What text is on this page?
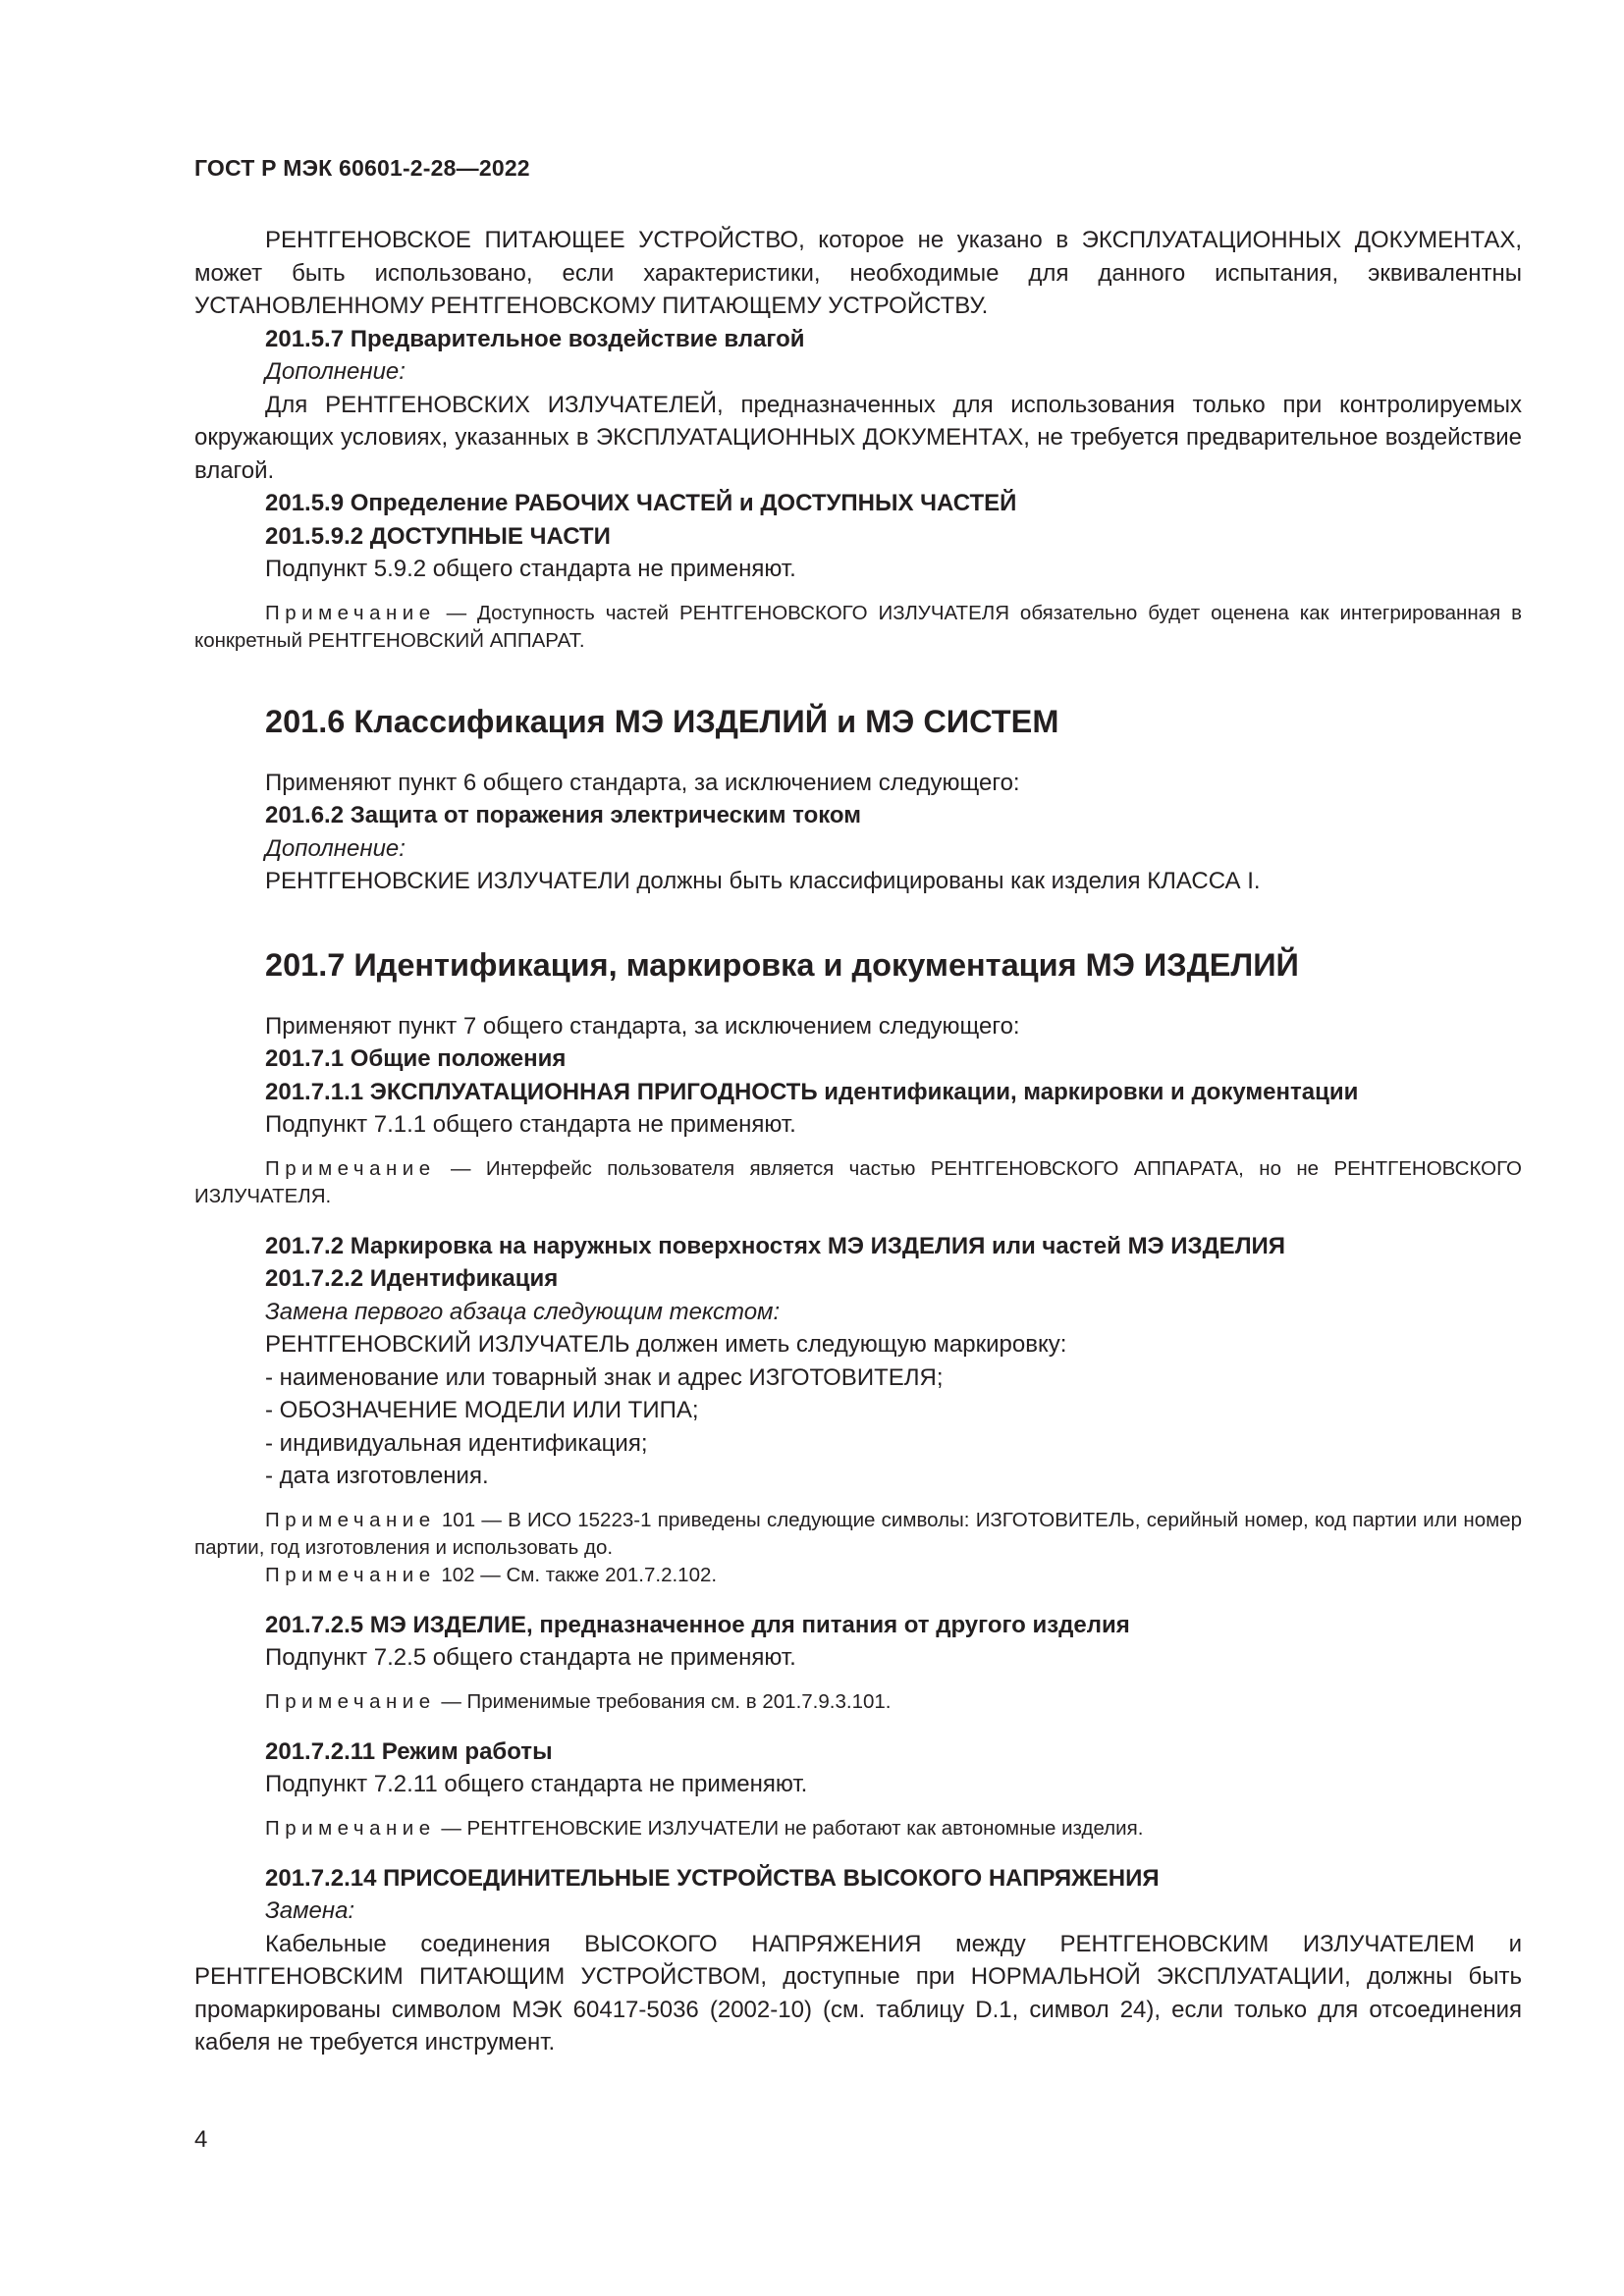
ГОСТ Р МЭК 60601-2-28—2022

РЕНТГЕНОВСКОЕ ПИТАЮЩЕЕ УСТРОЙСТВО, которое не указано в ЭКСПЛУАТАЦИОННЫХ ДОКУМЕНТАХ, может быть использовано, если характеристики, необходимые для данного испытания, эквивалентны УСТАНОВЛЕННОМУ РЕНТГЕНОВСКОМУ ПИТАЮЩЕМУ УСТРОЙСТВУ.

201.5.7 Предварительное воздействие влагой

Дополнение:

Для РЕНТГЕНОВСКИХ ИЗЛУЧАТЕЛЕЙ, предназначенных для использования только при контролируемых окружающих условиях, указанных в ЭКСПЛУАТАЦИОННЫХ ДОКУМЕНТАХ, не требуется предварительное воздействие влагой.

201.5.9 Определение РАБОЧИХ ЧАСТЕЙ и ДОСТУПНЫХ ЧАСТЕЙ

201.5.9.2 ДОСТУПНЫЕ ЧАСТИ

Подпункт 5.9.2 общего стандарта не применяют.

Примечание — Доступность частей РЕНТГЕНОВСКОГО ИЗЛУЧАТЕЛЯ обязательно будет оценена как интегрированная в конкретный РЕНТГЕНОВСКИЙ АППАРАТ.

201.6 Классификация МЭ ИЗДЕЛИЙ и МЭ СИСТЕМ

Применяют пункт 6 общего стандарта, за исключением следующего:

201.6.2 Защита от поражения электрическим током

Дополнение:

РЕНТГЕНОВСКИЕ ИЗЛУЧАТЕЛИ должны быть классифицированы как изделия КЛАССА I.

201.7 Идентификация, маркировка и документация МЭ ИЗДЕЛИЙ

Применяют пункт 7 общего стандарта, за исключением следующего:

201.7.1 Общие положения

201.7.1.1 ЭКСПЛУАТАЦИОННАЯ ПРИГОДНОСТЬ идентификации, маркировки и документации

Подпункт 7.1.1 общего стандарта не применяют.

Примечание — Интерфейс пользователя является частью РЕНТГЕНОВСКОГО АППАРАТА, но не РЕНТГЕНОВСКОГО ИЗЛУЧАТЕЛЯ.

201.7.2 Маркировка на наружных поверхностях МЭ ИЗДЕЛИЯ или частей МЭ ИЗДЕЛИЯ

201.7.2.2 Идентификация

Замена первого абзаца следующим текстом:

РЕНТГЕНОВСКИЙ ИЗЛУЧАТЕЛЬ должен иметь следующую маркировку:

- наименование или товарный знак и адрес ИЗГОТОВИТЕЛЯ;

- ОБОЗНАЧЕНИЕ МОДЕЛИ ИЛИ ТИПА;

- индивидуальная идентификация;

- дата изготовления.

Примечание 101 — В ИСО 15223-1 приведены следующие символы: ИЗГОТОВИТЕЛЬ, серийный номер, код партии или номер партии, год изготовления и использовать до.

Примечание 102 — См. также 201.7.2.102.

201.7.2.5 МЭ ИЗДЕЛИЕ, предназначенное для питания от другого изделия

Подпункт 7.2.5 общего стандарта не применяют.

Примечание — Применимые требования см. в 201.7.9.3.101.

201.7.2.11 Режим работы

Подпункт 7.2.11 общего стандарта не применяют.

Примечание — РЕНТГЕНОВСКИЕ ИЗЛУЧАТЕЛИ не работают как автономные изделия.

201.7.2.14 ПРИСОЕДИНИТЕЛЬНЫЕ УСТРОЙСТВА ВЫСОКОГО НАПРЯЖЕНИЯ

Замена:

Кабельные соединения ВЫСОКОГО НАПРЯЖЕНИЯ между РЕНТГЕНОВСКИМ ИЗЛУЧАТЕЛЕМ и РЕНТГЕНОВСКИМ ПИТАЮЩИМ УСТРОЙСТВОМ, доступные при НОРМАЛЬНОЙ ЭКСПЛУАТАЦИИ, должны быть промаркированы символом МЭК 60417-5036 (2002-10) (см. таблицу D.1, символ 24), если только для отсоединения кабеля не требуется инструмент.

4
